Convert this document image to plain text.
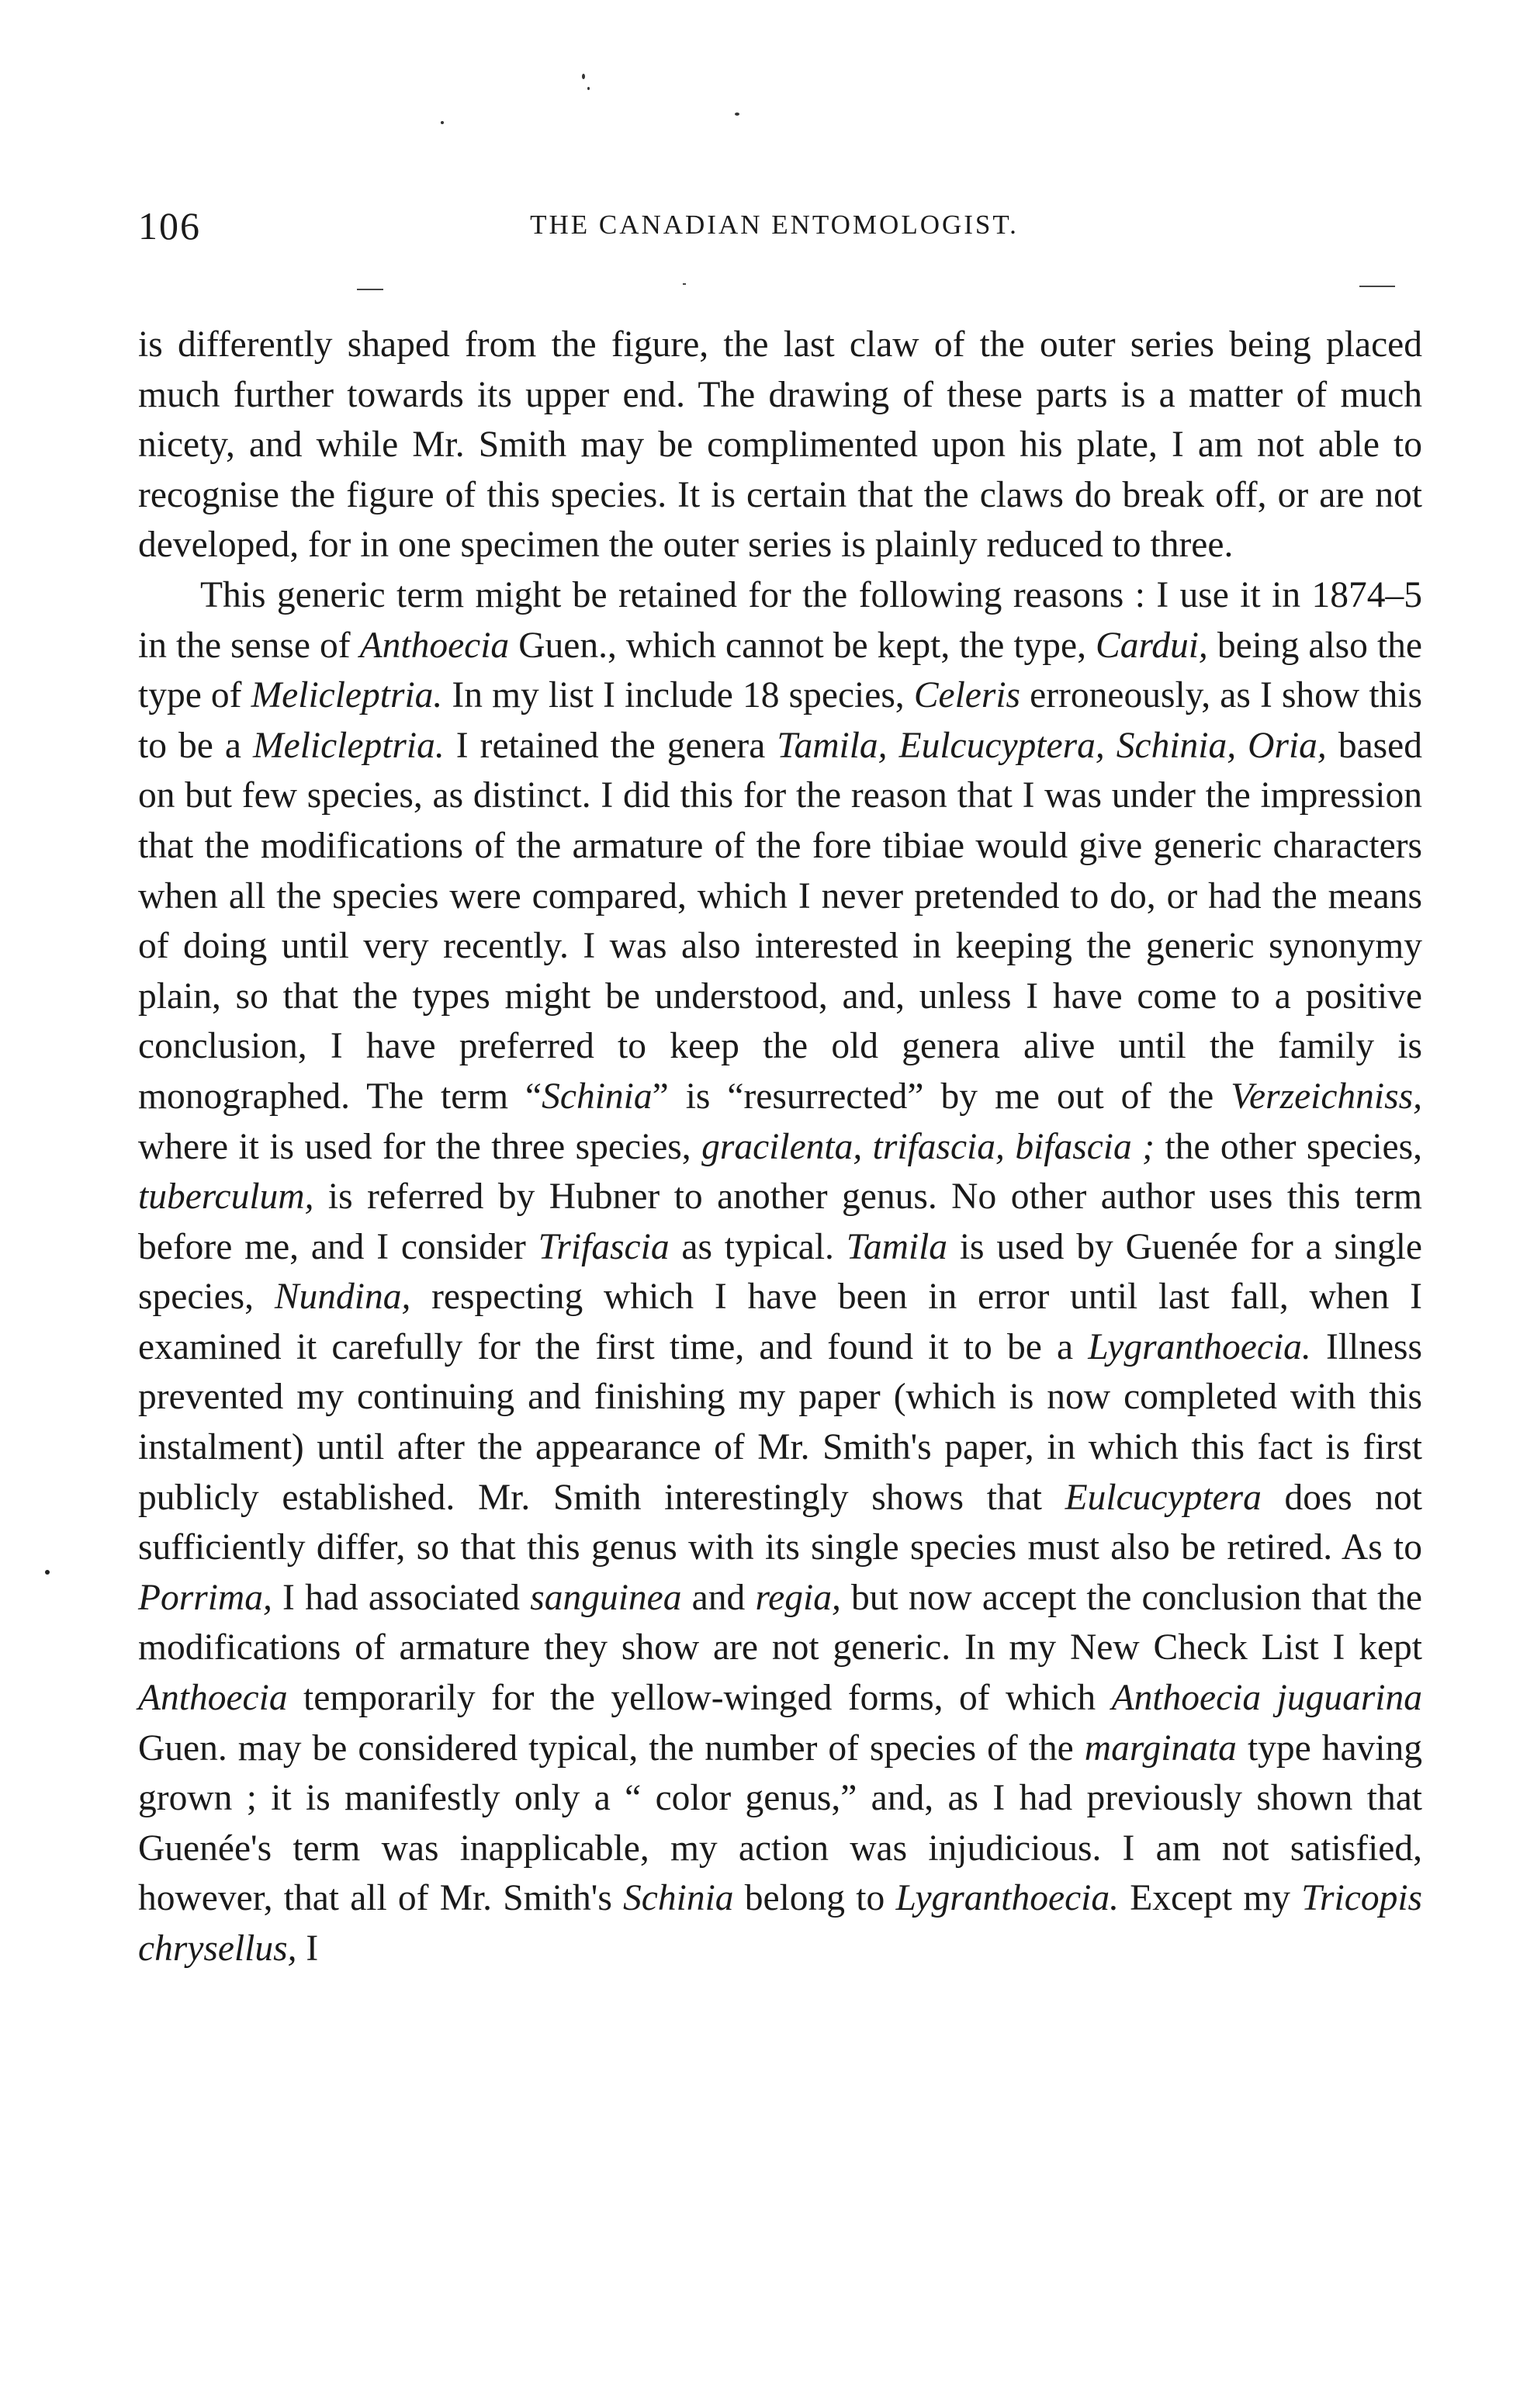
106	THE CANADIAN ENTOMOLOGIST.

is differently shaped from the figure, the last claw of the outer series being placed much further towards its upper end. The drawing of these parts is a matter of much nicety, and while Mr. Smith may be complimented upon his plate, I am not able to recognise the figure of this species. It is certain that the claws do break off, or are not developed, for in one specimen the outer series is plainly reduced to three.

This generic term might be retained for the following reasons : I use it in 1874–5 in the sense of Anthoecia Guen., which cannot be kept, the type, Cardui, being also the type of Melicleptria. In my list I include 18 species, Celeris erroneously, as I show this to be a Melicleptria. I retained the genera Tamila, Eulcucyptera, Schinia, Oria, based on but few species, as distinct. I did this for the reason that I was under the impression that the modifications of the armature of the fore tibiae would give generic characters when all the species were compared, which I never pretended to do, or had the means of doing until very recently. I was also interested in keeping the generic synonymy plain, so that the types might be understood, and, unless I have come to a positive conclusion, I have preferred to keep the old genera alive until the family is monographed. The term “Schinia” is “resurrected” by me out of the Verzeichniss, where it is used for the three species, gracilenta, trifascia, bifascia ; the other species, tuberculum, is referred by Hubner to another genus. No other author uses this term before me, and I consider Trifascia as typical. Tamila is used by Guenée for a single species, Nundina, respecting which I have been in error until last fall, when I examined it carefully for the first time, and found it to be a Lygranthoecia. Illness prevented my continuing and finishing my paper (which is now completed with this instalment) until after the appearance of Mr. Smith's paper, in which this fact is first publicly established. Mr. Smith interestingly shows that Eulcucyptera does not sufficiently differ, so that this genus with its single species must also be retired. As to Porrima, I had associated sanguinea and regia, but now accept the conclusion that the modifications of armature they show are not generic. In my New Check List I kept Anthoecia temporarily for the yellow-winged forms, of which Anthoecia juguarina Guen. may be considered typical, the number of species of the marginata type having grown ; it is manifestly only a “ color genus,” and, as I had previously shown that Guenée's term was inapplicable, my action was injudicious. I am not satisfied, however, that all of Mr. Smith's Schinia belong to Lygranthoecia. Except my Tricopis chrysellus, I
